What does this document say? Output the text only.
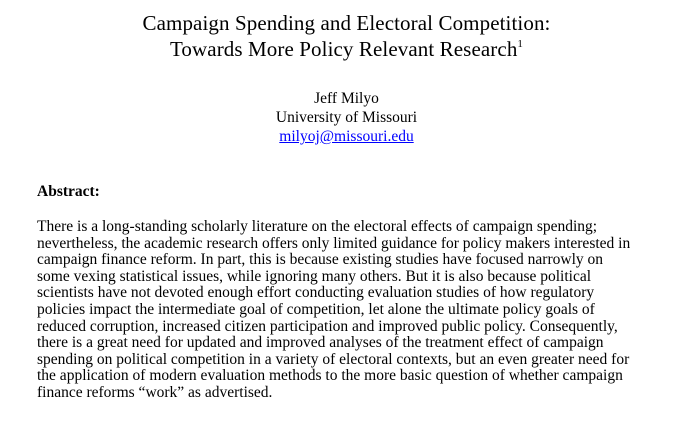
Campaign Spending and Electoral Competition:
Towards More Policy Relevant Research$^1$
Jeff Milyo
University of Missouri
milyoj@missouri.edu
Abstract:
There is a long-standing scholarly literature on the electoral effects of campaign spending;
nevertheless, the academic research offers only limited guidance for policy makers interested in
campaign finance reform. In part, this is because existing studies have focused narrowly on
some vexing statistical issues, while ignoring many others. But it is also because political
scientists have not devoted enough effort conducting evaluation studies of how regulatory
policies impact the intermediate goal of competition, let alone the ultimate policy goals of
reduced corruption, increased citizen participation and improved public policy. Consequently,
there is a great need for updated and improved analyses of the treatment effect of campaign
spending on political competition in a variety of electoral contexts, but an even greater need for
the application of modern evaluation methods to the more basic question of whether campaign
finance reforms “work” as advertised.
